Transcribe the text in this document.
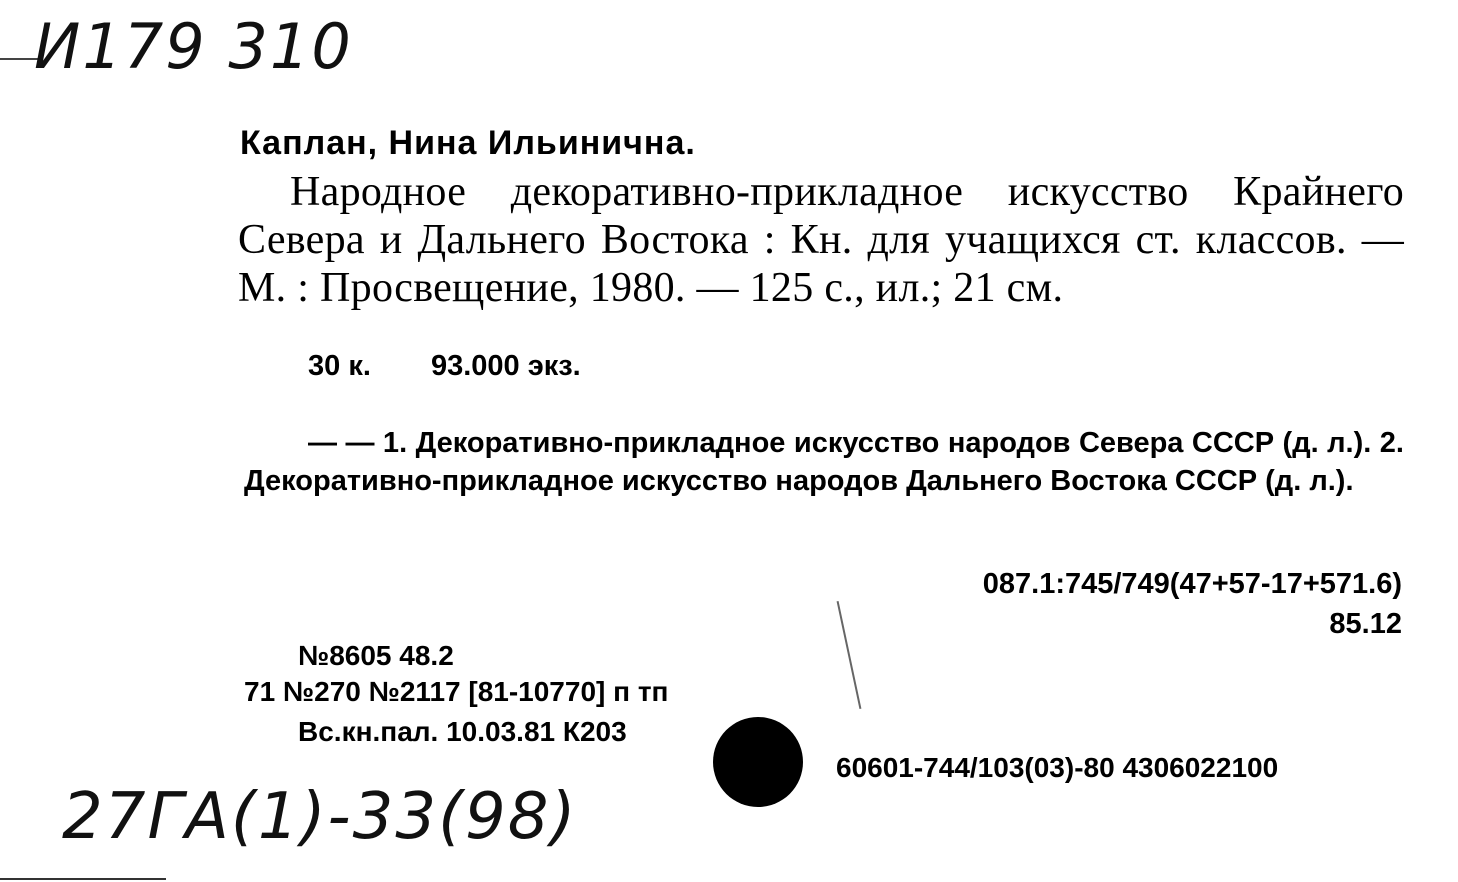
И179 310
Каплан, Нина Ильинична.
Народное декоративно-прикладное искусство Крайнего Севера и Дальнего Востока : Кн. для учащихся ст. классов. — М. : Просвещение, 1980. — 125 с., ил.; 21 см.
30 к. 93.000 экз.
— — 1. Декоративно-прикладное искусство народов Севера СССР (д. л.). 2. Декоративно-прикладное искусство народов Дальнего Востока СССР (д. л.).
087.1:745/749(47+57-17+571.6)
85.12
№8605 48.2
71 №270 №2117 [81-10770] п тп
Вс.кн.пал. 10.03.81 К203
60601-744/103(03)-80 4306022100
27ГА(1)-33(98)
